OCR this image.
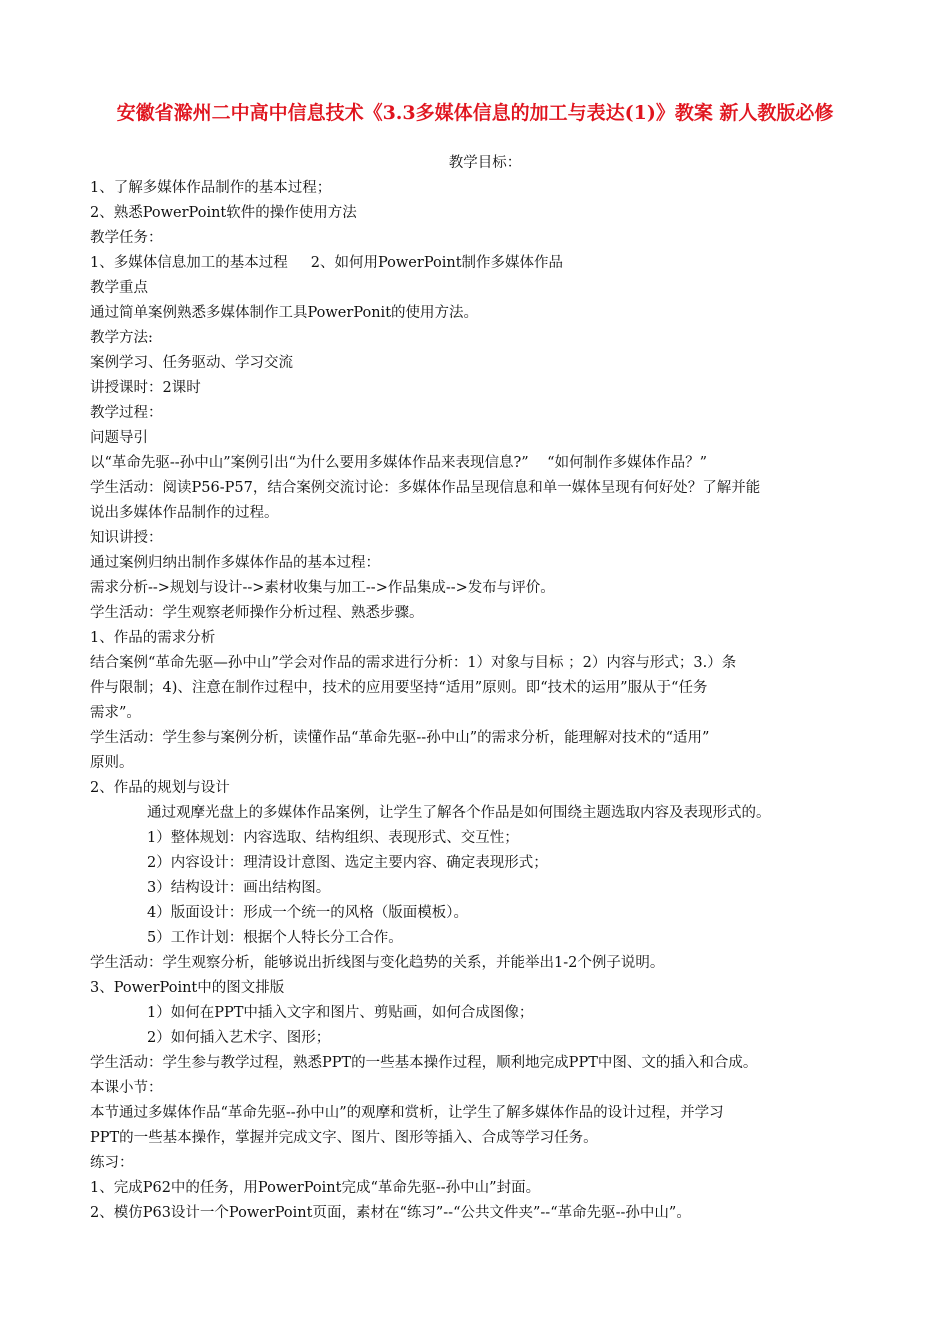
安徽省滁州二中高中信息技术《3.3多媒体信息的加工与表达(1)》教案 新人教版必修
教学目标：
1、了解多媒体作品制作的基本过程；
2、熟悉PowerPoint软件的操作使用方法
教学任务：
1、多媒体信息加工的基本过程     2、如何用PowerPoint制作多媒体作品
教学重点
通过简单案例熟悉多媒体制作工具PowerPonit的使用方法。
教学方法:
案例学习、任务驱动、学习交流
讲授课时：2课时
教学过程：
问题导引
以“革命先驱--孙中山”案例引出“为什么要用多媒体作品来表现信息?”    “如何制作多媒体作品？”
学生活动：阅读P56-P57，结合案例交流讨论：多媒体作品呈现信息和单一媒体呈现有何好处？了解并能
说出多媒体作品制作的过程。
知识讲授：
通过案例归纳出制作多媒体作品的基本过程：
需求分析-->规划与设计-->素材收集与加工-->作品集成-->发布与评价。
学生活动：学生观察老师操作分析过程、熟悉步骤。
1、作品的需求分析
结合案例“革命先驱—孙中山”学会对作品的需求进行分析：1）对象与目标 ；2）内容与形式；3.）条
件与限制；4)、注意在制作过程中，技术的应用要坚持“适用”原则。即“技术的运用”服从于“任务
需求”。
学生活动：学生参与案例分析，读懂作品“革命先驱--孙中山”的需求分析，能理解对技术的“适用”
原则。
2、作品的规划与设计
通过观摩光盘上的多媒体作品案例，让学生了解各个作品是如何围绕主题选取内容及表现形式的。
1）整体规划：内容选取、结构组织、表现形式、交互性；
2）内容设计：理清设计意图、选定主要内容、确定表现形式；
3）结构设计：画出结构图。
4）版面设计：形成一个统一的风格（版面模板）。
5）工作计划：根据个人特长分工合作。
学生活动：学生观察分析，能够说出折线图与变化趋势的关系，并能举出1-2个例子说明。
3、PowerPoint中的图文排版
1）如何在PPT中插入文字和图片、剪贴画，如何合成图像；
2）如何插入艺术字、图形；
学生活动：学生参与教学过程，熟悉PPT的一些基本操作过程，顺利地完成PPT中图、文的插入和合成。
本课小节：
本节通过多媒体作品“革命先驱--孙中山”的观摩和赏析，让学生了解多媒体作品的设计过程，并学习
PPT的一些基本操作，掌握并完成文字、图片、图形等插入、合成等学习任务。
练习：
1、完成P62中的任务，用PowerPoint完成“革命先驱--孙中山”封面。
2、模仿P63设计一个PowerPoint页面，素材在“练习”--“公共文件夹”--“革命先驱--孙中山”。
